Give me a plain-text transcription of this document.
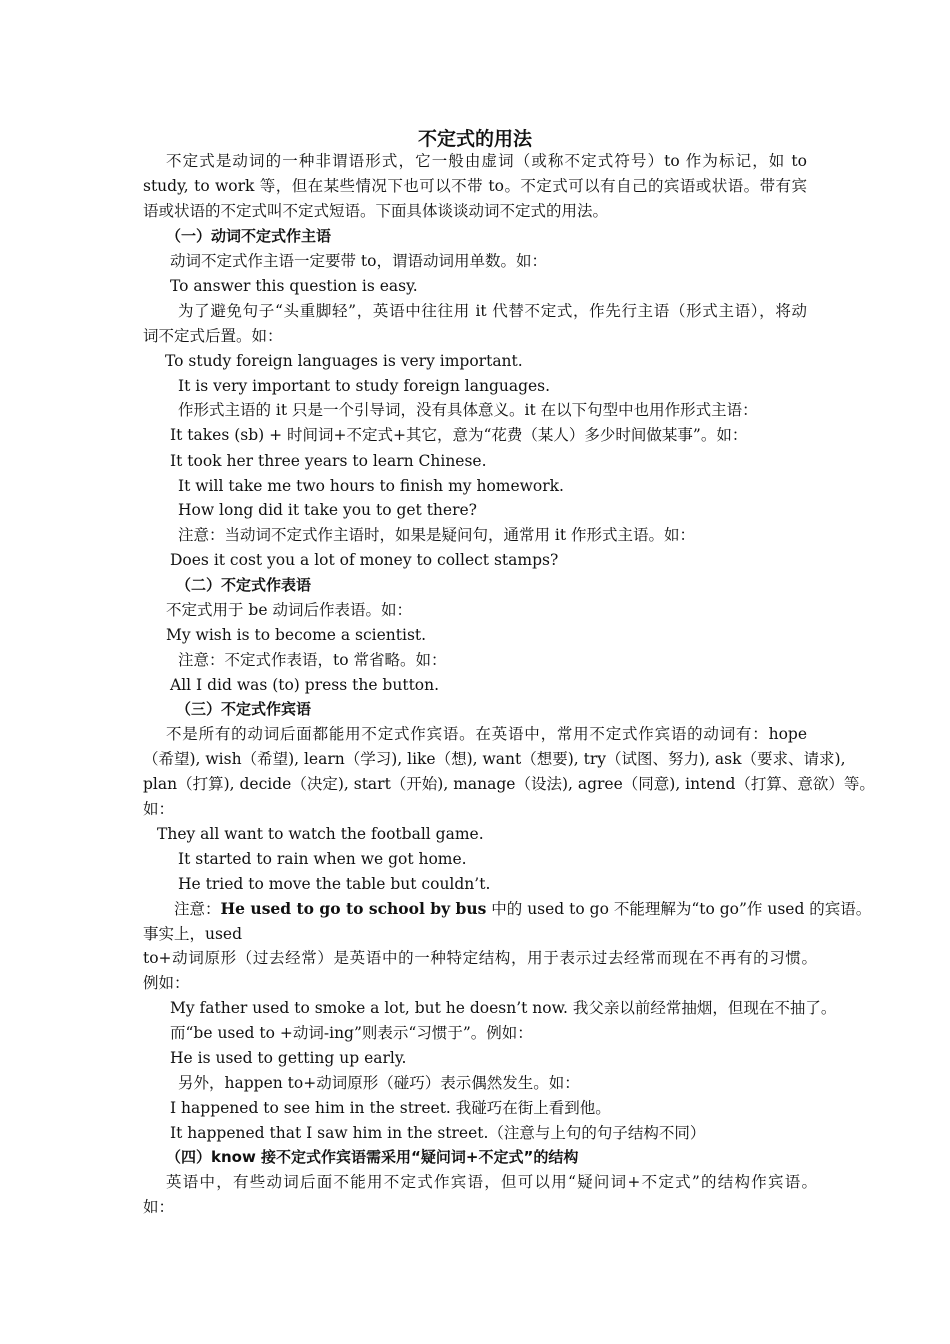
不定式的用法
不定式是动词的一种非谓语形式，它一般由虚词（或称不定式符号）to 作为标记，如 to
study, to work 等，但在某些情况下也可以不带 to。不定式可以有自己的宾语或状语。带有宾
语或状语的不定式叫不定式短语。下面具体谈谈动词不定式的用法。
（一）动词不定式作主语
动词不定式作主语一定要带 to，谓语动词用单数。如：
To answer this question is easy.
为了避免句子“头重脚轻”，英语中往往用 it 代替不定式，作先行主语（形式主语），将动
词不定式后置。如：
To study foreign languages is very important.
It is very important to study foreign languages.
作形式主语的 it 只是一个引导词，没有具体意义。it 在以下句型中也用作形式主语：
It takes (sb) + 时间词+不定式+其它，意为“花费（某人）多少时间做某事”。如：
It took her three years to learn Chinese.
It will take me two hours to finish my homework.
How long did it take you to get there?
注意：当动词不定式作主语时，如果是疑问句，通常用 it 作形式主语。如：
Does it cost you a lot of money to collect stamps?
（二）不定式作表语
不定式用于 be 动词后作表语。如：
My wish is to become a scientist.
注意：不定式作表语，to 常省略。如：
All I did was (to) press the button.
（三）不定式作宾语
不是所有的动词后面都能用不定式作宾语。在英语中，常用不定式作宾语的动词有：hope
（希望), wish（希望), learn（学习), like（想), want（想要), try（试图、努力), ask（要求、请求),
plan（打算), decide（决定), start（开始), manage（设法), agree（同意), intend（打算、意欲）等。
如：
They all want to watch the football game.
It started to rain when we got home.
He tried to move the table but couldn’t.
注意：He used to go to school by bus 中的 used to go 不能理解为“to go”作 used 的宾语。
事实上，used
to+动词原形（过去经常）是英语中的一种特定结构，用于表示过去经常而现在不再有的习惯。
例如：
My father used to smoke a lot, but he doesn’t now. 我父亲以前经常抽烟，但现在不抽了。
而“be used to +动词-ing”则表示“习惯于”。例如：
He is used to getting up early.
另外，happen to+动词原形（碰巧）表示偶然发生。如：
I happened to see him in the street. 我碰巧在街上看到他。
It happened that I saw him in the street.（注意与上句的句子结构不同）
（四）know 接不定式作宾语需采用“疑问词+不定式”的结构
英语中，有些动词后面不能用不定式作宾语，但可以用“疑问词+不定式”的结构作宾语。
如：
